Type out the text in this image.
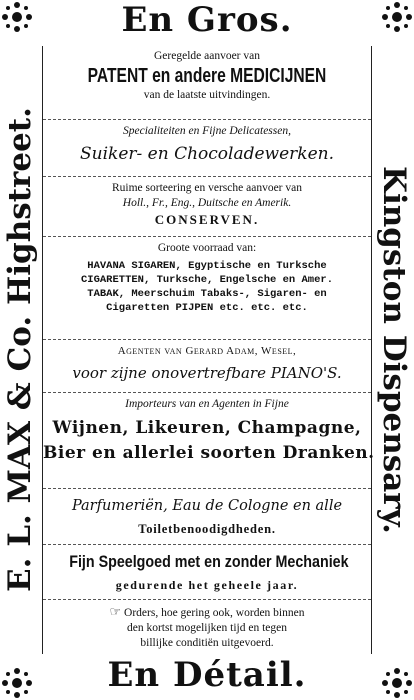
En Gros.
E. L. MAX & Co. Highstreet.	Kingston Dispensary.
Geregelde aanvoer van
PATENT en andere MEDICIJNEN
van de laatste uitvindingen.
Specialiteiten en Fijne Delicatessen,
Suiker- en Chocoladewerken.
Ruime sorteering en versche aanvoer van
Holl., Fr., Eng., Duitsche en Amerik.
CONSERVEN.
Groote voorraad van:
HAVANA SIGAREN, Egyptische en Turksche
CIGARETTEN, Turksche, Engelsche en Amer.
TABAK, Meerschuim Tabaks-, Sigaren- en
Cigaretten PIJPEN etc. etc. etc.
Agenten van Gerard Adam, Wesel,
voor zijne onovertrefbare PIANO'S.
Importeurs van en Agenten in Fijne
Wijnen, Likeuren, Champagne,
Bier en allerlei soorten Dranken.
Parfumeriën, Eau de Cologne en alle
Toiletbenoodigdheden.
Fijn Speelgoed met en zonder Mechaniek
gedurende het geheele jaar.
☞ Orders, hoe gering ook, worden binnen
den kortst mogelijken tijd en tegen
billijke conditiën uitgevoerd.
En Détail.
